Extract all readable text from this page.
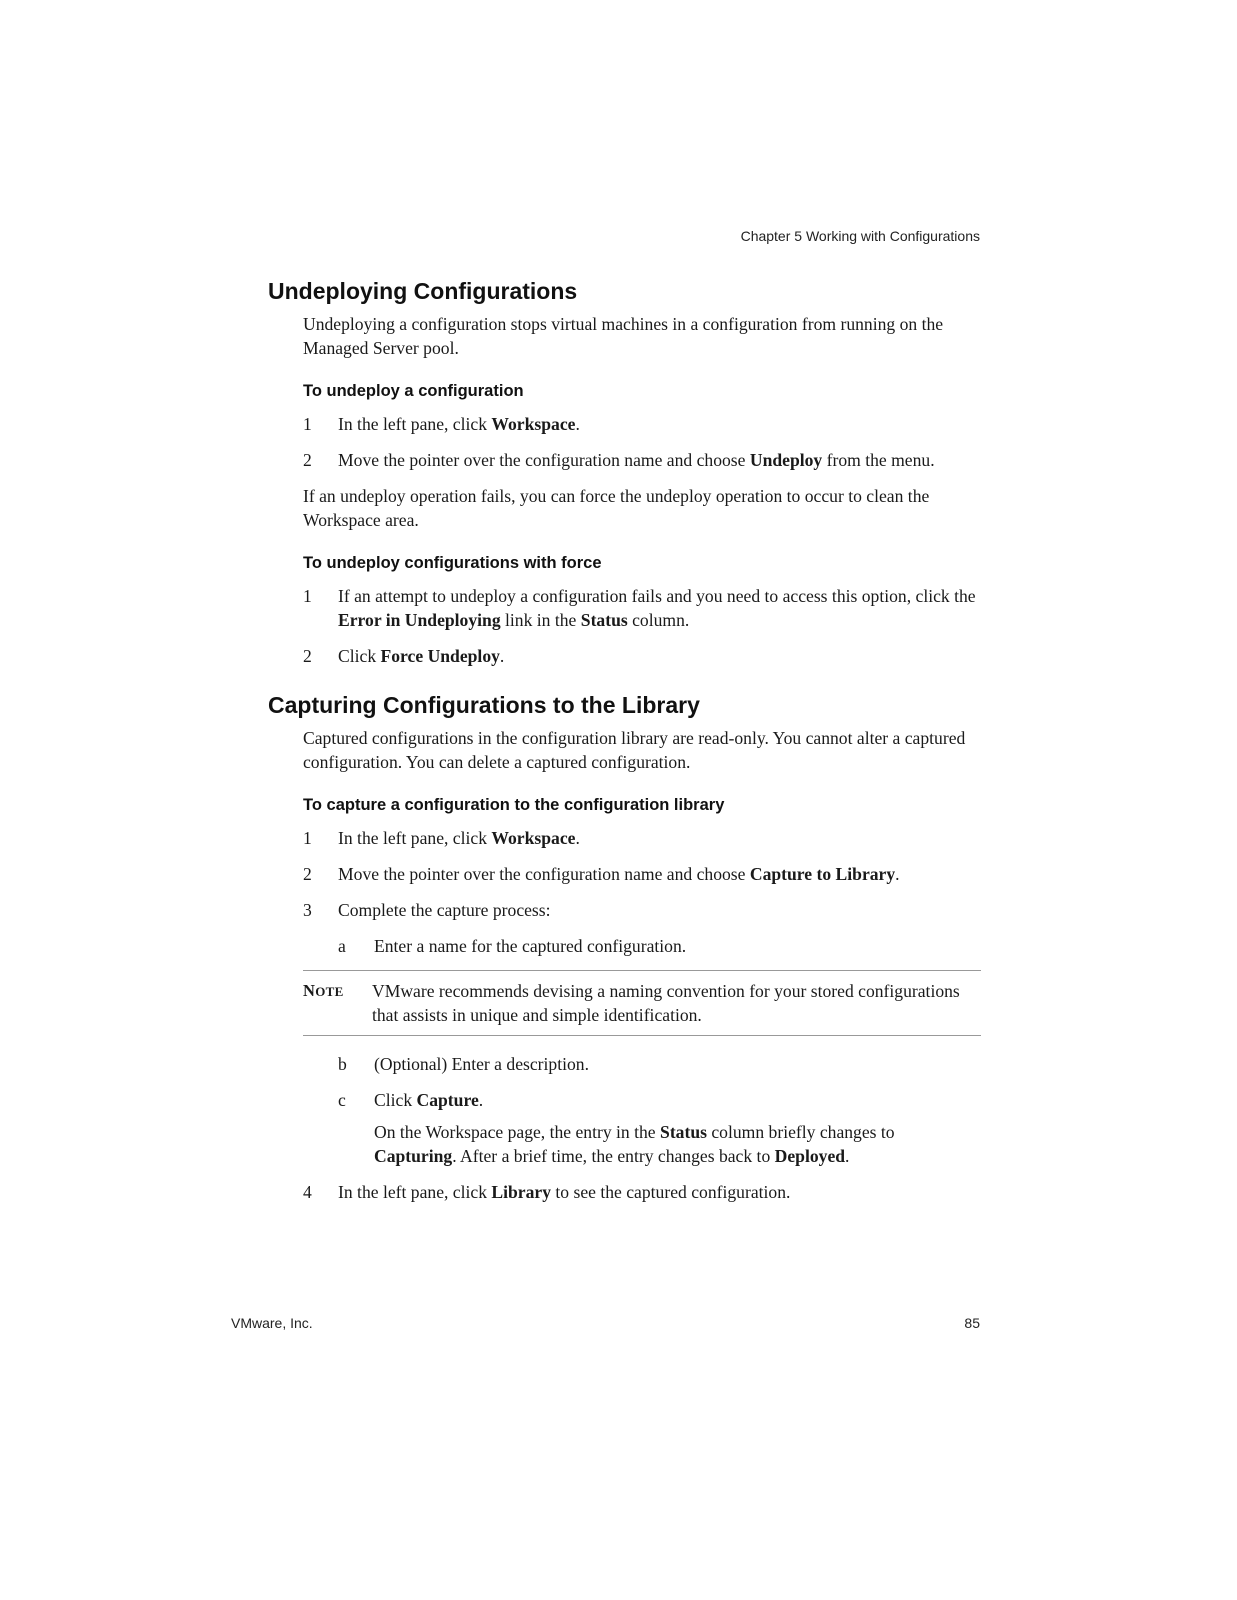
Chapter 5 Working with Configurations
Undeploying Configurations

Undeploying a configuration stops virtual machines in a configuration from running on the Managed Server pool.

To undeploy a configuration
1 In the left pane, click Workspace.
2 Move the pointer over the configuration name and choose Undeploy from the menu.

If an undeploy operation fails, you can force the undeploy operation to occur to clean the Workspace area.

To undeploy configurations with force
1 If an attempt to undeploy a configuration fails and you need to access this option, click the Error in Undeploying link in the Status column.
2 Click Force Undeploy.
Capturing Configurations to the Library

Captured configurations in the configuration library are read-only. You cannot alter a captured configuration. You can delete a captured configuration.

To capture a configuration to the configuration library
1 In the left pane, click Workspace.
2 Move the pointer over the configuration name and choose Capture to Library.
3 Complete the capture process:
a Enter a name for the captured configuration.
NOTE VMware recommends devising a naming convention for your stored configurations that assists in unique and simple identification.
b (Optional) Enter a description.
c Click Capture.
On the Workspace page, the entry in the Status column briefly changes to Capturing. After a brief time, the entry changes back to Deployed.
4 In the left pane, click Library to see the captured configuration.
VMware, Inc.	85
